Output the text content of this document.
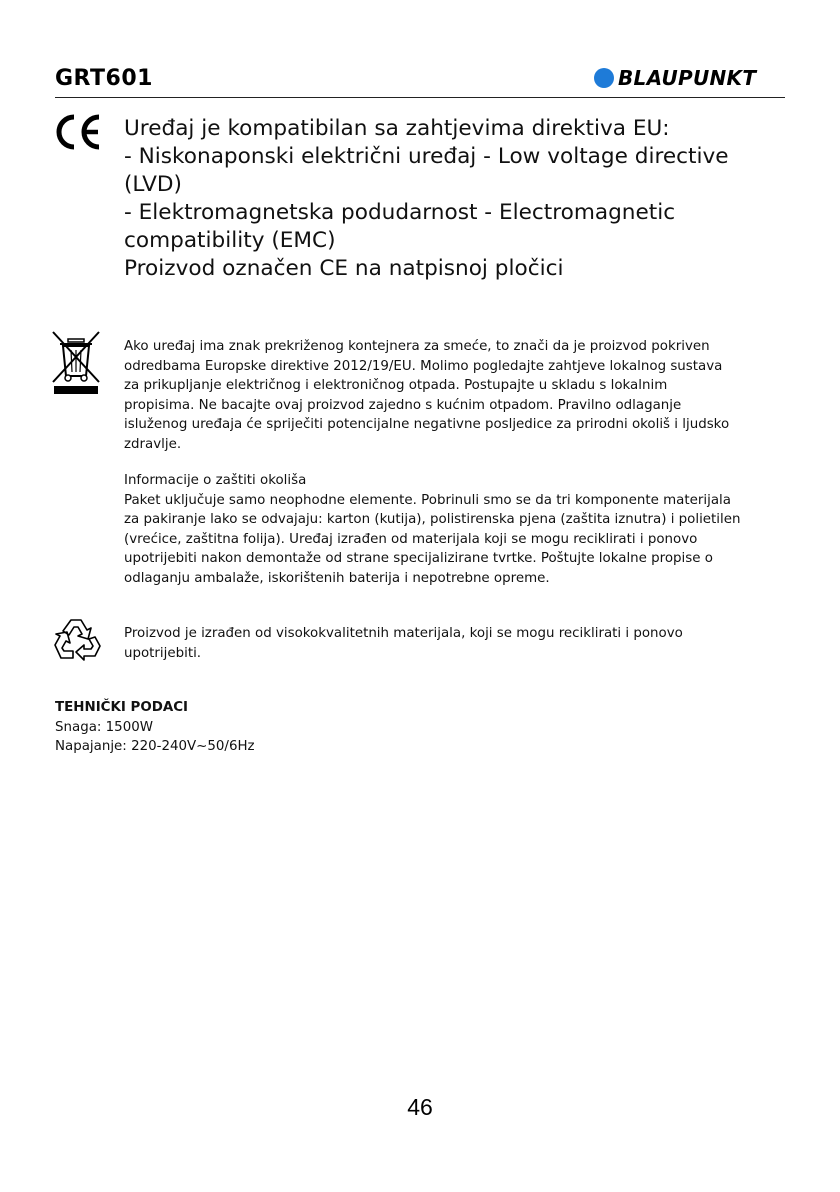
GRT601	BLAUPUNKT
Uređaj je kompatibilan sa zahtjevima direktiva EU:
- Niskonaponski električni uređaj - Low voltage directive
(LVD)
- Elektromagnetska podudarnost - Electromagnetic
compatibility (EMC)
Proizvod označen CE na natpisnoj pločici
Ako uređaj ima znak prekriženog kontejnera za smeće, to znači da je proizvod pokriven
odredbama Europske direktive 2012/19/EU. Molimo pogledajte zahtjeve lokalnog sustava
za prikupljanje električnog i elektroničnog otpada. Postupajte u skladu s lokalnim
propisima. Ne bacajte ovaj proizvod zajedno s kućnim otpadom. Pravilno odlaganje
isluženog uređaja će spriječiti potencijalne negativne posljedice za prirodni okoliš i ljudsko
zdravlje.
Informacije o zaštiti okoliša
Paket uključuje samo neophodne elemente. Pobrinuli smo se da tri komponente materijala
za pakiranje lako se odvajaju: karton (kutija), polistirenska pjena (zaštita iznutra) i polietilen
(vrećice, zaštitna folija). Uređaj izrađen od materijala koji se mogu reciklirati i ponovo
upotrijebiti nakon demontaže od strane specijalizirane tvrtke. Poštujte lokalne propise o
odlaganju ambalaže, iskorištenih baterija i nepotrebne opreme.
Proizvod je izrađen od visokokvalitetnih materijala, koji se mogu reciklirati i ponovo
upotrijebiti.
TEHNIČKI PODACI
Snaga: 1500W
Napajanje: 220-240V~50/6Hz
46
